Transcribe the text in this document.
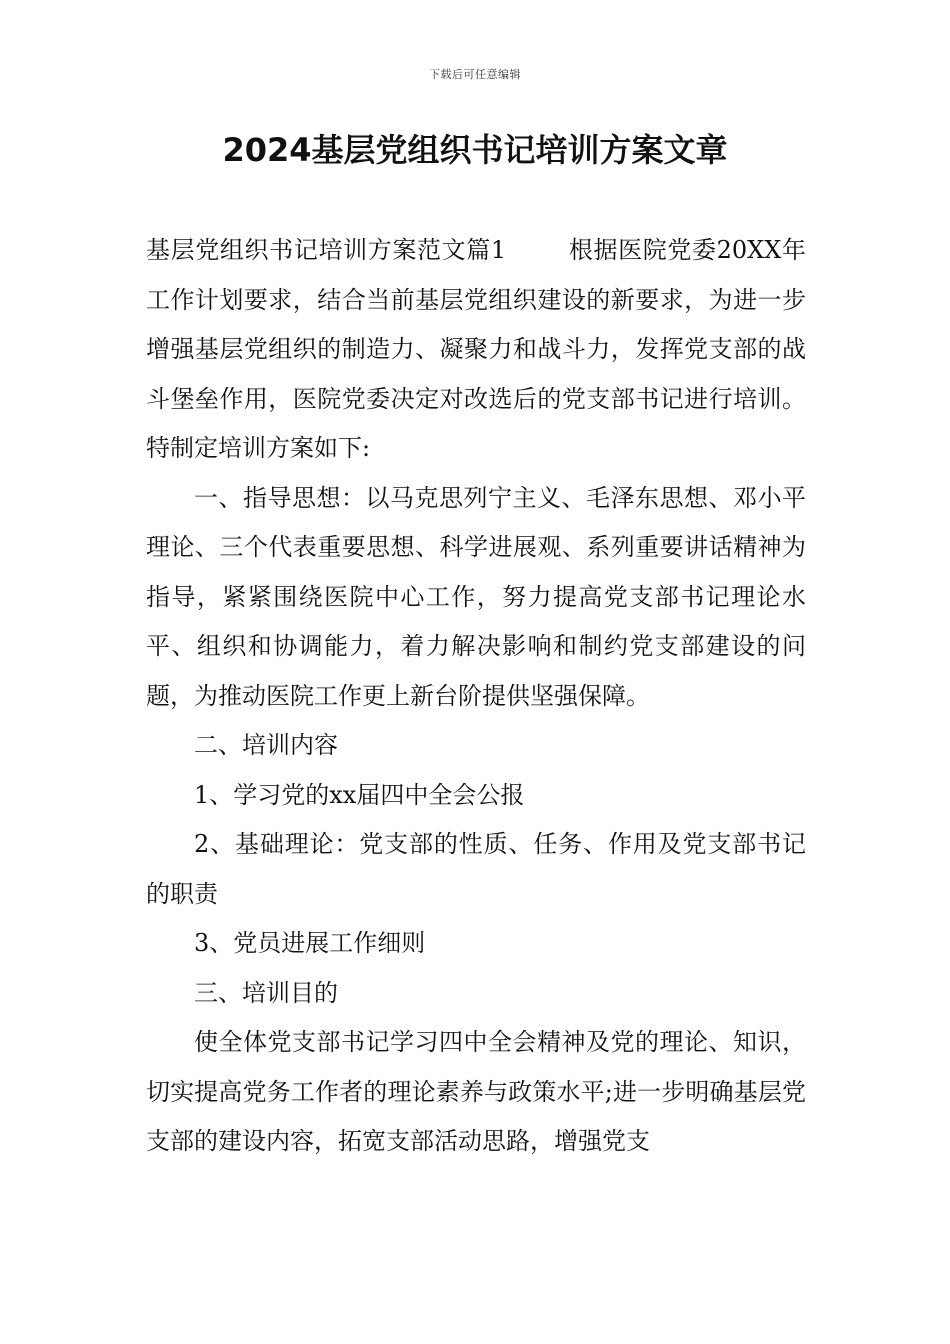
下载后可任意编辑
2024基层党组织书记培训方案文章

基层党组织书记培训方案范文篇1	根据医院党委20XX年工作计划要求，结合当前基层党组织建设的新要求，为进一步增强基层党组织的制造力、凝聚力和战斗力，发挥党支部的战斗堡垒作用，医院党委决定对改选后的党支部书记进行培训。特制定培训方案如下:

一、指导思想：以马克思列宁主义、毛泽东思想、邓小平理论、三个代表重要思想、科学进展观、系列重要讲话精神为指导，紧紧围绕医院中心工作，努力提高党支部书记理论水平、组织和协调能力，着力解决影响和制约党支部建设的问题，为推动医院工作更上新台阶提供坚强保障。

二、培训内容

1、学习党的xx届四中全会公报

2、基础理论：党支部的性质、任务、作用及党支部书记的职责

3、党员进展工作细则

三、培训目的

使全体党支部书记学习四中全会精神及党的理论、知识，切实提高党务工作者的理论素养与政策水平;进一步明确基层党支部的建设内容，拓宽支部活动思路，增强党支
